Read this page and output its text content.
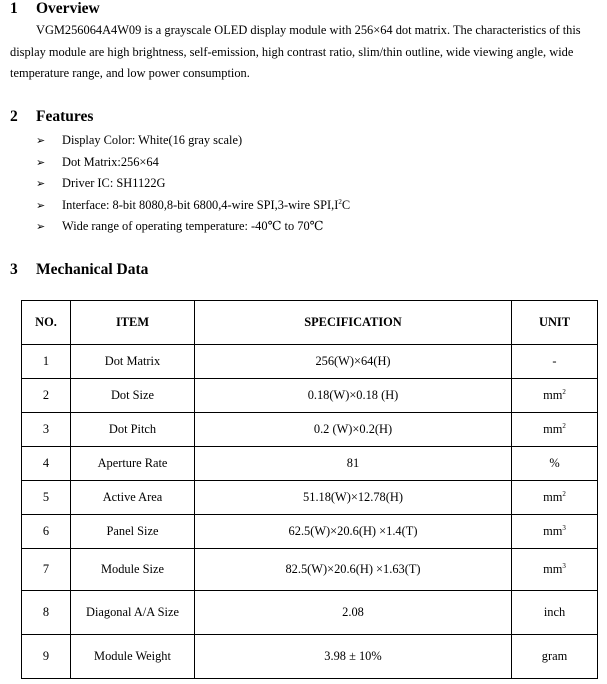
1 Overview
VGM256064A4W09 is a grayscale OLED display module with 256×64 dot matrix. The characteristics of this display module are high brightness, self-emission, high contrast ratio, slim/thin outline, wide viewing angle, wide temperature range, and low power consumption.
2 Features
➢ Display Color: White(16 gray scale)
➢ Dot Matrix:256×64
➢ Driver IC: SH1122G
➢ Interface: 8-bit 8080,8-bit 6800,4-wire SPI,3-wire $SPI,I^2C$
➢ Wide range of operating temperature: -40℃ to 70℃
3 Mechanical Data
NO.	ITEM	SPECIFICATION	UNIT
1	Dot Matrix	256(W)×64(H)	-
2	Dot Size	0.18(W)×0.18 (H)	$mm^2$
3	Dot Pitch	0.2 (W)×0.2(H)	$mm^2$
4	Aperture Rate	81	%
5	Active Area	51.18(W)×12.78(H)	$mm^2$
6	Panel Size	62.5(W)×20.6(H) ×1.4(T)	$mm^3$
7	Module Size	82.5(W)×20.6(H) ×1.63(T)	$mm^3$
8	Diagonal A/A Size	2.08	inch
9	Module Weight	3.98 ± 10%	gram
